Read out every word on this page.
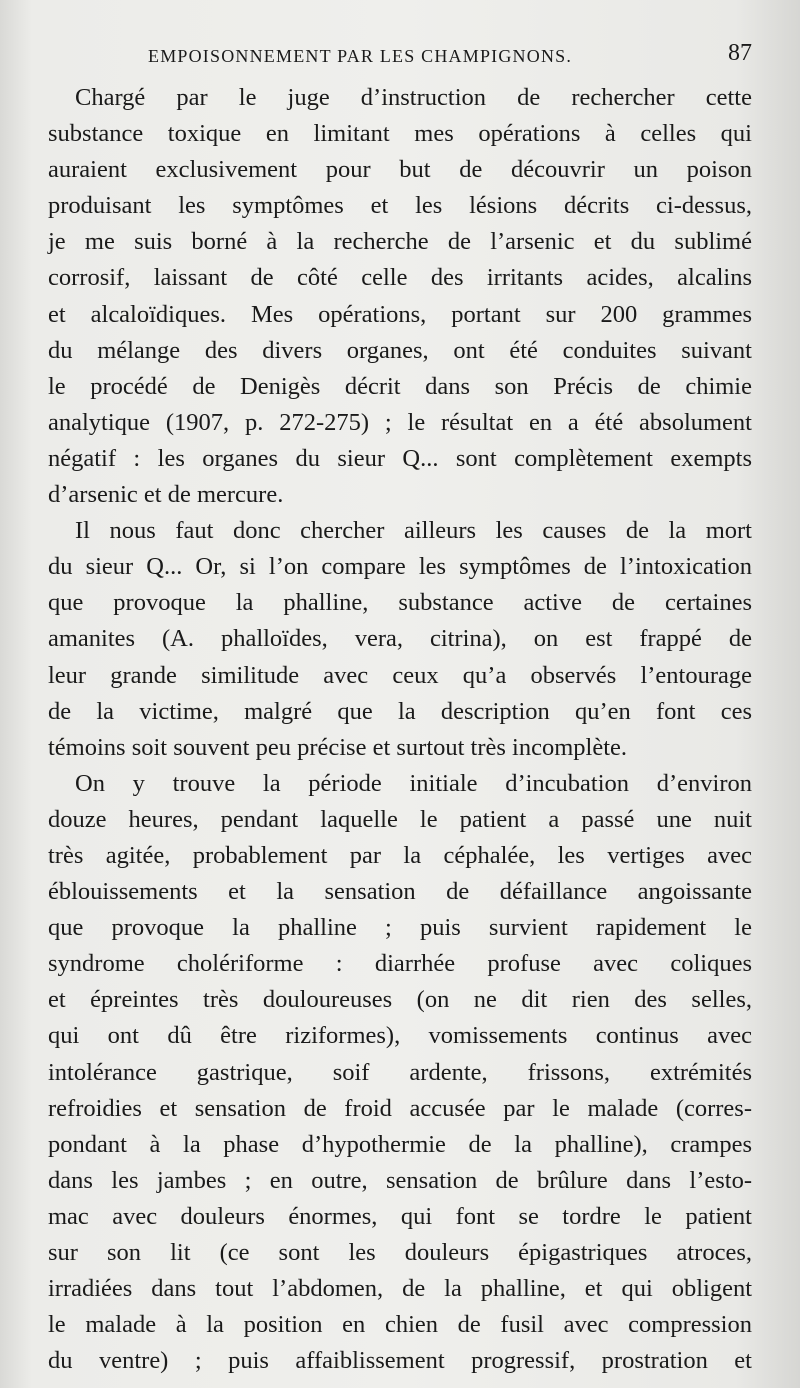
EMPOISONNEMENT PAR LES CHAMPIGNONS.	87
Chargé par le juge d’instruction de rechercher cette
substance toxique en limitant mes opérations à celles qui
auraient exclusivement pour but de découvrir un poison
produisant les symptômes et les lésions décrits ci-dessus,
je me suis borné à la recherche de l’arsenic et du sublimé
corrosif, laissant de côté celle des irritants acides, alcalins
et alcaloïdiques. Mes opérations, portant sur 200 grammes
du mélange des divers organes, ont été conduites suivant
le procédé de Denigès décrit dans son Précis de chimie
analytique (1907, p. 272-275) ; le résultat en a été absolument
négatif : les organes du sieur Q... sont complètement exempts
d’arsenic et de mercure.
Il nous faut donc chercher ailleurs les causes de la mort
du sieur Q... Or, si l’on compare les symptômes de l’intoxication
que provoque la phalline, substance active de certaines
amanites (A. phalloïdes, vera, citrina), on est frappé de
leur grande similitude avec ceux qu’a observés l’entourage
de la victime, malgré que la description qu’en font ces
témoins soit souvent peu précise et surtout très incomplète.
On y trouve la période initiale d’incubation d’environ
douze heures, pendant laquelle le patient a passé une nuit
très agitée, probablement par la céphalée, les vertiges avec
éblouissements et la sensation de défaillance angoissante
que provoque la phalline ; puis survient rapidement le
syndrome cholériforme : diarrhée profuse avec coliques
et épreintes très douloureuses (on ne dit rien des selles,
qui ont dû être riziformes), vomissements continus avec
intolérance gastrique, soif ardente, frissons, extrémités
refroidies et sensation de froid accusée par le malade (corres-
pondant à la phase d’hypothermie de la phalline), crampes
dans les jambes ; en outre, sensation de brûlure dans l’esto-
mac avec douleurs énormes, qui font se tordre le patient
sur son lit (ce sont les douleurs épigastriques atroces,
irradiées dans tout l’abdomen, de la phalline, et qui obligent
le malade à la position en chien de fusil avec compression
du ventre) ; puis affaiblissement progressif, prostration et
